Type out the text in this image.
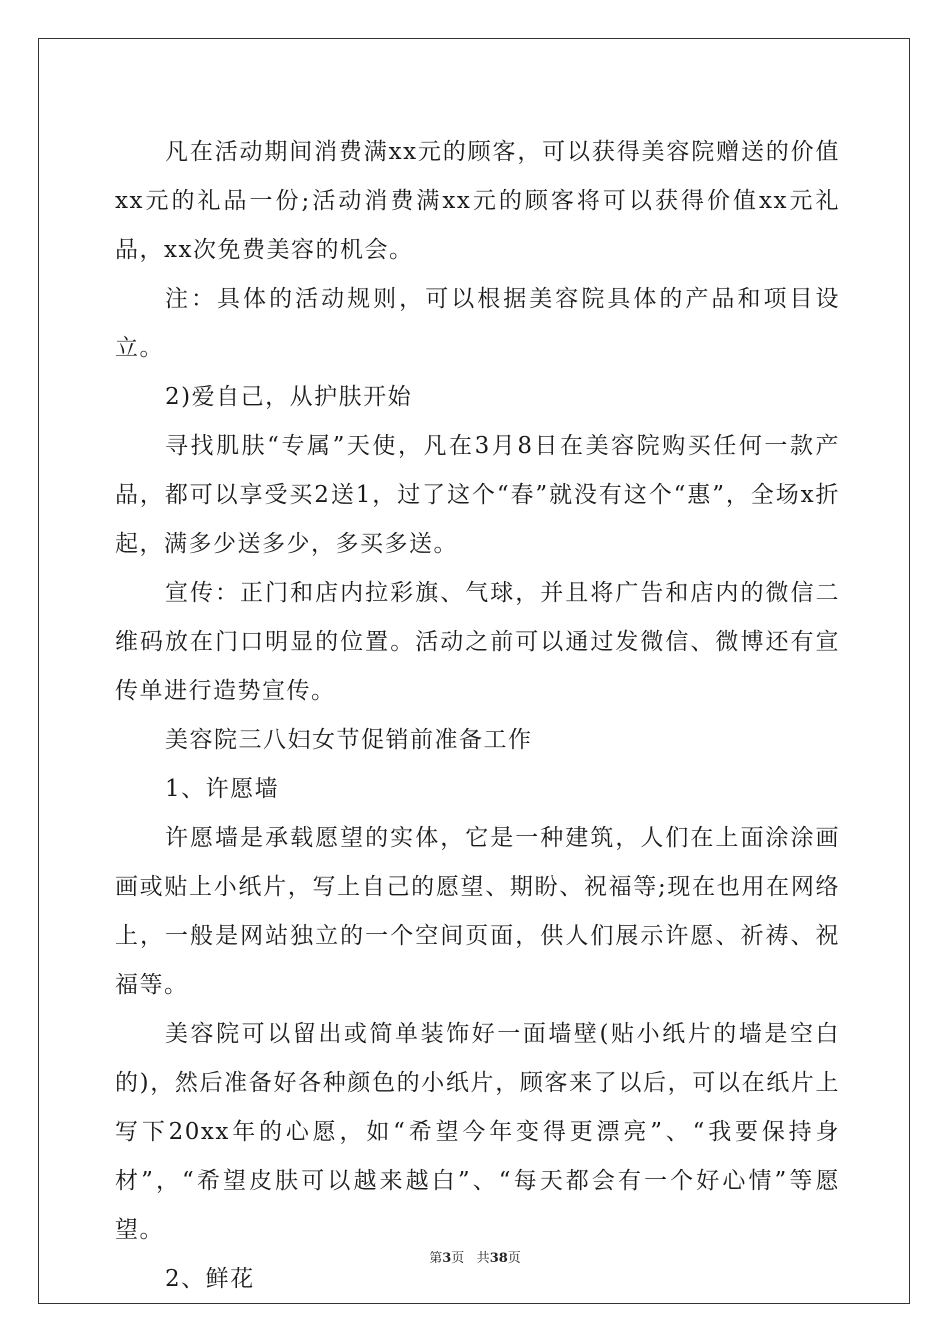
凡在活动期间消费满xx元的顾客，可以获得美容院赠送的价值xx元的礼品一份;活动消费满xx元的顾客将可以获得价值xx元礼品，xx次免费美容的机会。

注：具体的活动规则，可以根据美容院具体的产品和项目设立。

2)爱自己，从护肤开始

寻找肌肤“专属”天使，凡在3月8日在美容院购买任何一款产品，都可以享受买2送1，过了这个“春”就没有这个“惠”，全场x折起，满多少送多少，多买多送。

宣传：正门和店内拉彩旗、气球，并且将广告和店内的微信二维码放在门口明显的位置。活动之前可以通过发微信、微博还有宣传单进行造势宣传。

美容院三八妇女节促销前准备工作

1、许愿墙

许愿墙是承载愿望的实体，它是一种建筑，人们在上面涂涂画画或贴上小纸片，写上自己的愿望、期盼、祝福等;现在也用在网络上，一般是网站独立的一个空间页面，供人们展示许愿、祈祷、祝福等。

美容院可以留出或简单装饰好一面墙壁(贴小纸片的墙是空白的)，然后准备好各种颜色的小纸片，顾客来了以后，可以在纸片上写下20xx年的心愿，如“希望今年变得更漂亮”、“我要保持身材”，“希望皮肤可以越来越白”、“每天都会有一个好心情”等愿望。

2、鲜花

第3页 共38页
